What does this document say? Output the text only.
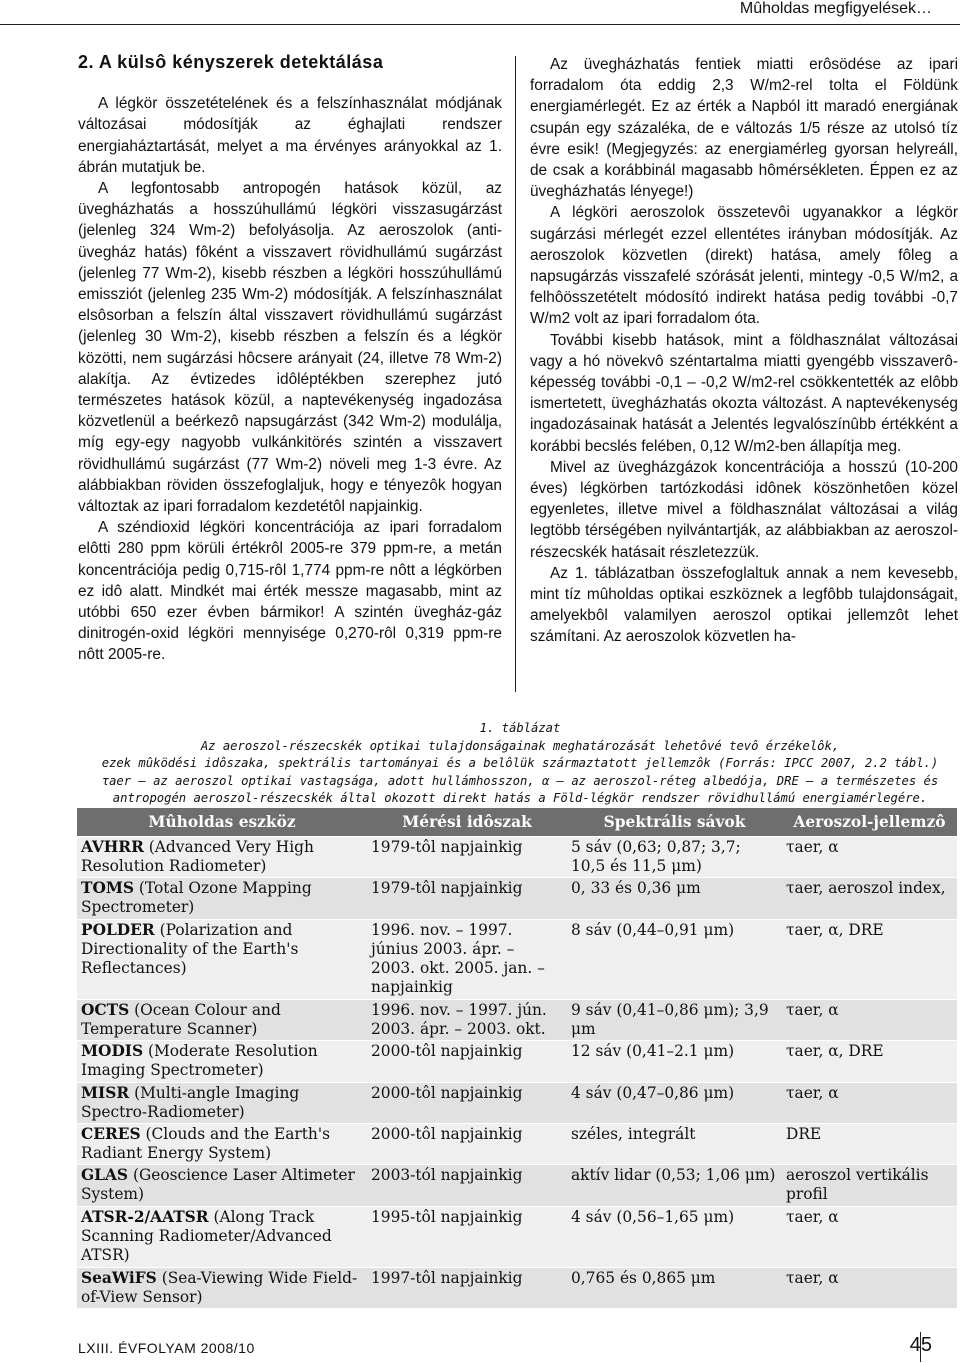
Mûholdas megfigyelések…

2. A külsô kényszerek detektálása

A légkör összetételének és a felszínhasználat módjának változásai módosítják az éghajlati rendszer energiaháztartását, melyet a ma érvényes arányokkal az 1. ábrán mutatjuk be.

A legfontosabb antropogén hatások közül, az üvegházhatás a hosszúhullámú légköri visszasugárzást (jelenleg 324 Wm-2) befolyásolja. Az aeroszolok (anti-üvegház hatás) fôként a visszavert rövidhullámú sugárzást (jelenleg 77 Wm-2), kisebb részben a légköri hosszúhullámú emissziót (jelenleg 235 Wm-2) módosítják. A felszínhasználat elsôsorban a felszín által visszavert rövidhullámú sugárzást (jelenleg 30 Wm-2), kisebb részben a felszín és a légkör közötti, nem sugárzási hôcsere arányait (24, illetve 78 Wm-2) alakítja. Az évtizedes idôléptékben szerephez jutó természetes hatások közül, a naptevékenység ingadozása közvetlenül a beérkezô napsugárzást (342 Wm-2) modulálja, míg egy-egy nagyobb vulkánkitörés szintén a visszavert rövidhullámú sugárzást (77 Wm-2) növeli meg 1-3 évre. Az alábbiakban röviden összefoglaljuk, hogy e tényezôk hogyan változtak az ipari forradalom kezdetétôl napjainkig.

A széndioxid légköri koncentrációja az ipari forradalom elôtti 280 ppm körüli értékrôl 2005-re 379 ppm-re, a metán koncentrációja pedig 0,715-rôl 1,774 ppm-re nôtt a légkörben ez idô alatt. Mindkét mai érték messze magasabb, mint az utóbbi 650 ezer évben bármikor! A szintén üvegház-gáz dinitrogén-oxid légköri mennyisége 0,270-rôl 0,319 ppm-re nôtt 2005-re.

Az üvegházhatás fentiek miatti erôsödése az ipari forradalom óta eddig 2,3 W/m2-rel tolta el Földünk energiamérlegét. Ez az érték a Napból itt maradó energiának csupán egy százaléka, de e változás 1/5 része az utolsó tíz évre esik! (Megjegyzés: az energiamérleg gyorsan helyreáll, de csak a korábbinál magasabb hômérsékleten. Éppen ez az üvegházhatás lényege!)

A légköri aeroszolok összetevôi ugyanakkor a légkör sugárzási mérlegét ezzel ellentétes irányban módosítják. Az aeroszolok közvetlen (direkt) hatása, amely fôleg a napsugárzás visszafelé szórását jelenti, mintegy -0,5 W/m2, a felhôösszetételt módosító indirekt hatása pedig további -0,7 W/m2 volt az ipari forradalom óta.

További kisebb hatások, mint a földhasználat változásai vagy a hó növekvô széntartalma miatti gyengébb visszaverô-képesség további -0,1 – -0,2 W/m2-rel csökkentették az elôbb ismertetett, üvegházhatás okozta változást. A naptevékenység ingadozásainak hatását a Jelentés legvalószínûbb értékként a korábbi becslés felében, 0,12 W/m2-ben állapítja meg.

Mivel az üvegházgázok koncentrációja a hosszú (10-200 éves) légkörben tartózkodási idônek köszönhetôen közel egyenletes, illetve mivel a földhasználat változásai a világ legtöbb térségében nyilvántartják, az alábbiakban az aeroszol-részecskék hatásait részletezzük.

Az 1. táblázatban összefoglaltuk annak a nem kevesebb, mint tíz mûholdas optikai eszköznek a legfôbb tulajdonságait, amelyekbôl valamilyen aeroszol optikai jellemzôt lehet számítani. Az aeroszolok közvetlen ha-

1. táblázat
Az aeroszol-részecskék optikai tulajdonságainak meghatározását lehetôvé tevô érzékelôk,
ezek mûködési idôszaka, spektrális tartományai és a belôlük származtatott jellemzôk (Forrás: IPCC 2007, 2.2 tábl.)
τaer – az aeroszol optikai vastagsága, adott hullámhosszon, α – az aeroszol-réteg albedója, DRE – a természetes és
antropogén aeroszol-részecskék által okozott direkt hatás a Föld-légkör rendszer rövidhullámú energiamérlegére.
Mûholdas eszköz	Mérési idôszak	Spektrális sávok	Aeroszol-jellemzô
AVHRR (Advanced Very High Resolution Radiometer)	1979-tôl napjainkig	5 sáv (0,63; 0,87; 3,7; 10,5 és 11,5 μm)	τaer, α
TOMS (Total Ozone Mapping Spectrometer)	1979-tôl napjainkig	0, 33 és 0,36 μm	τaer, aeroszol index,
POLDER (Polarization and Directionality of the Earth's Reflectances)	1996. nov. – 1997. június 2003. ápr. – 2003. okt. 2005. jan. – napjainkig	8 sáv (0,44–0,91 μm)	τaer, α, DRE
OCTS (Ocean Colour and Temperature Scanner)	1996. nov. – 1997. jún. 2003. ápr. – 2003. okt.	9 sáv (0,41–0,86 μm); 3,9 μm	τaer, α
MODIS (Moderate Resolution Imaging Spectrometer)	2000-tôl napjainkig	12 sáv (0,41–2.1 μm)	τaer, α, DRE
MISR (Multi-angle Imaging Spectro-Radiometer)	2000-tôl napjainkig	4 sáv (0,47–0,86 μm)	τaer, α
CERES (Clouds and the Earth's Radiant Energy System)	2000-tôl napjainkig	széles, integrált	DRE
GLAS (Geoscience Laser Altimeter System)	2003-tól napjainkig	aktív lidar (0,53; 1,06 μm)	aeroszol vertikális profil
ATSR-2/AATSR (Along Track Scanning Radiometer/Advanced ATSR)	1995-tôl napjainkig	4 sáv (0,56–1,65 μm)	τaer, α
SeaWiFS (Sea-Viewing Wide Field-of-View Sensor)	1997-tôl napjainkig	0,765 és 0,865 μm	τaer, α
LXIII. ÉVFOLYAM 2008/10	45
